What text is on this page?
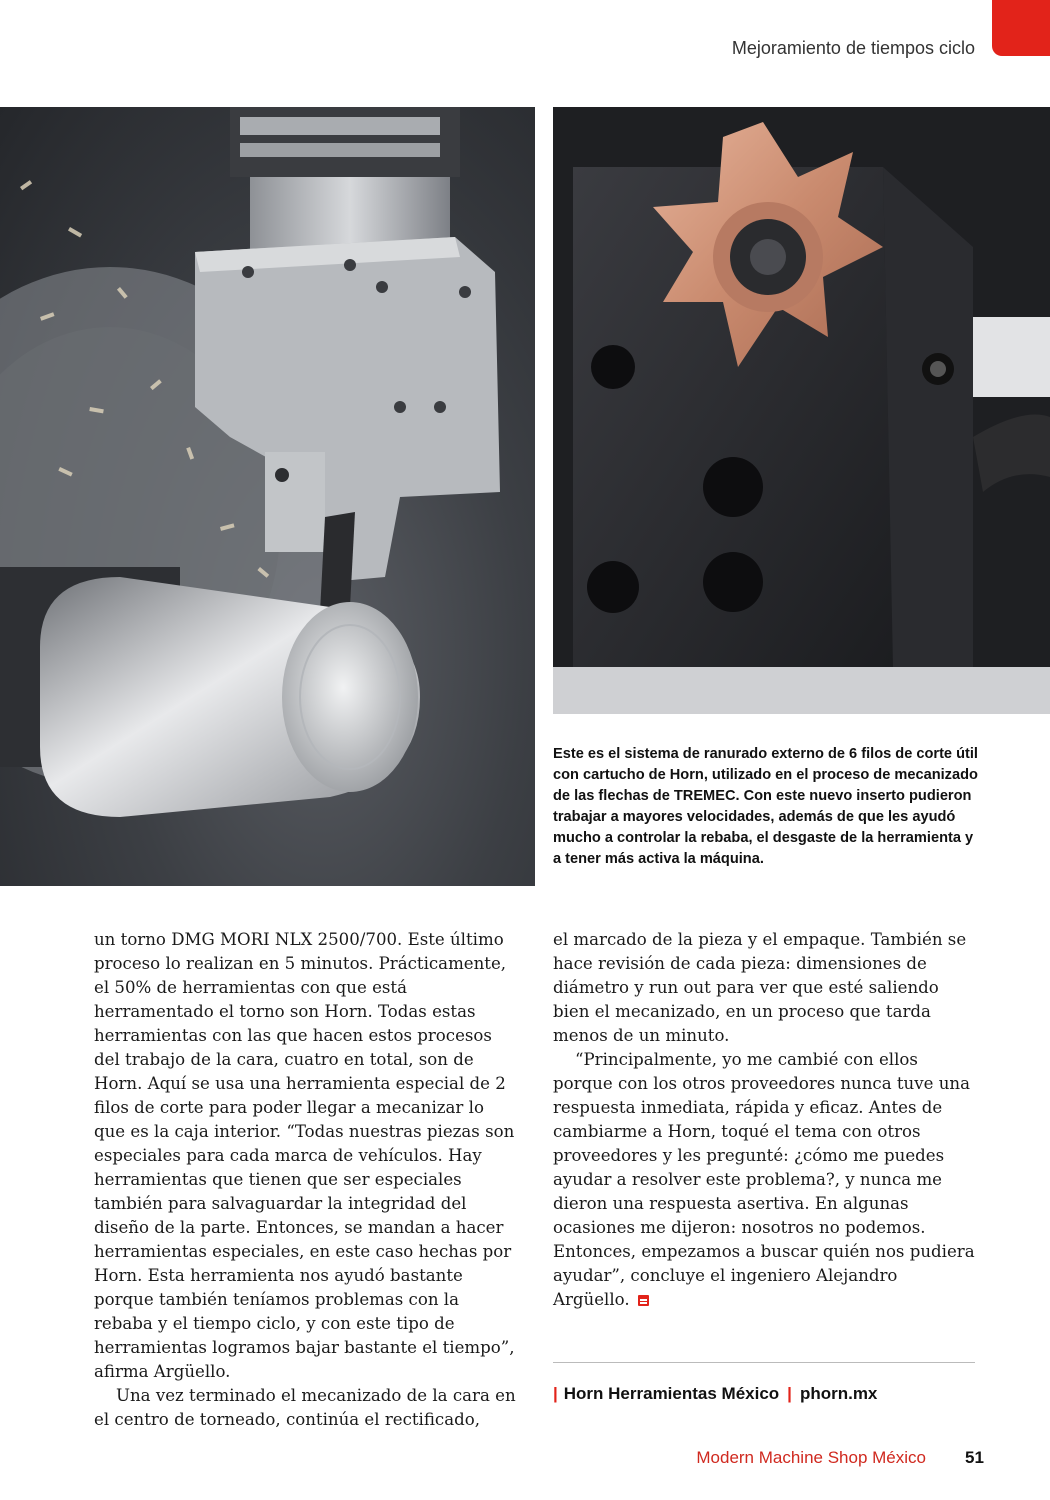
Mejoramiento de tiempos ciclo
Este es el sistema de ranurado externo de 6 filos de corte útil con cartucho de Horn, utilizado en el proceso de mecanizado de las flechas de TREMEC. Con este nuevo inserto pudieron trabajar a mayores velocidades, además de que les ayudó mucho a controlar la rebaba, el desgaste de la herramienta y a tener más activa la máquina.

un torno DMG MORI NLX 2500/700. Este último proceso lo realizan en 5 minutos. Prácticamente, el 50% de herramientas con que está herramentado el torno son Horn. Todas estas herramientas con las que hacen estos procesos del trabajo de la cara, cuatro en total, son de Horn. Aquí se usa una herramienta especial de 2 filos de corte para poder llegar a mecanizar lo que es la caja interior. “Todas nuestras piezas son especiales para cada marca de vehículos. Hay herramientas que tienen que ser especiales también para salvaguardar la integridad del diseño de la parte. Entonces, se mandan a hacer herramientas especiales, en este caso hechas por Horn. Esta herramienta nos ayudó bastante porque también teníamos problemas con la rebaba y el tiempo ciclo, y con este tipo de herramientas logramos bajar bastante el tiempo”, afirma Argüello.

Una vez terminado el mecanizado de la cara en el centro de torneado, continúa el rectificado,

el marcado de la pieza y el empaque. También se hace revisión de cada pieza: dimensiones de diámetro y run out para ver que esté saliendo bien el mecanizado, en un proceso que tarda menos de un minuto.

“Principalmente, yo me cambié con ellos porque con los otros proveedores nunca tuve una respuesta inmediata, rápida y eficaz. Antes de cambiarme a Horn, toqué el tema con otros proveedores y les pregunté: ¿cómo me puedes ayudar a resolver este problema?, y nunca me dieron una respuesta asertiva. En algunas ocasiones me dijeron: nosotros no podemos. Entonces, empezamos a buscar quién nos pudiera ayudar”, concluye el ingeniero Alejandro Argüello.

| Horn Herramientas México | phorn.mx
Modern Machine Shop México 51
